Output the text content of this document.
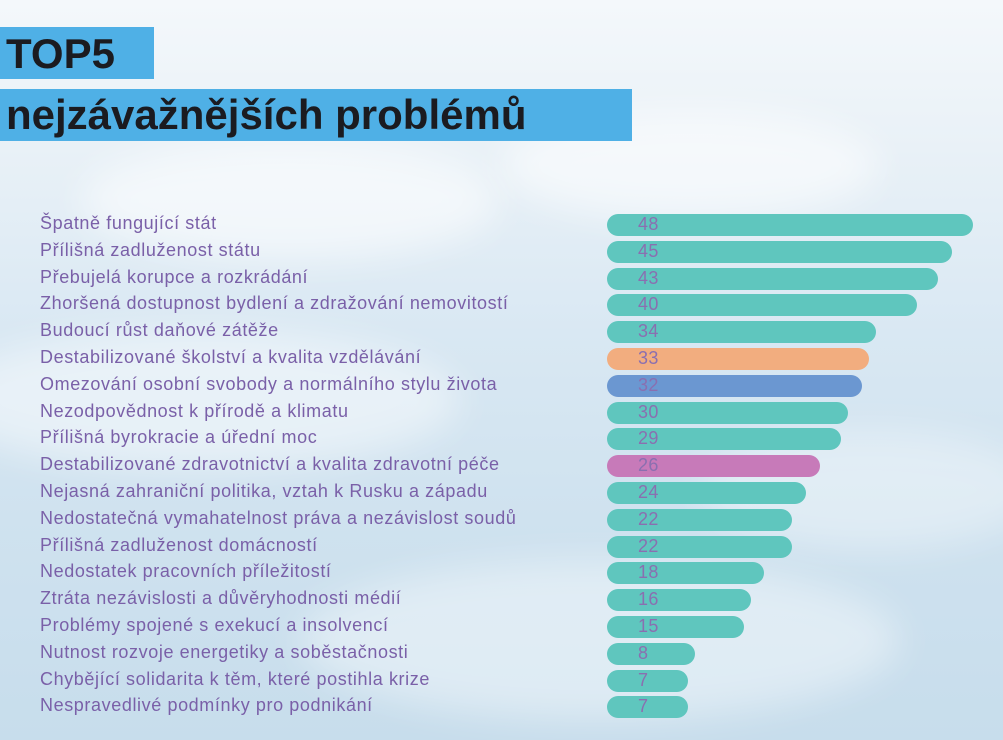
TOP5
nejzávažnějších problémů
Špatně fungující stát	48
Přílišná zadluženost státu	45
Přebujelá korupce a rozkrádání	43
Zhoršená dostupnost bydlení a zdražování nemovitostí	40
Budoucí růst daňové zátěže	34
Destabilizované školství a kvalita vzdělávání	33
Omezování osobní svobody a normálního stylu života	32
Nezodpovědnost k přírodě a klimatu	30
Přílišná byrokracie a úřední moc	29
Destabilizované zdravotnictví a kvalita zdravotní péče	26
Nejasná zahraniční politika, vztah k Rusku a západu	24
Nedostatečná vymahatelnost práva a nezávislost soudů	22
Přílišná zadluženost domácností	22
Nedostatek pracovních příležitostí	18
Ztráta nezávislosti a důvěryhodnosti médií	16
Problémy spojené s exekucí a insolvencí	15
Nutnost rozvoje energetiky a soběstačnosti	8
Chybějící solidarita k těm, které postihla krize	7
Nespravedlivé podmínky pro podnikání	7
